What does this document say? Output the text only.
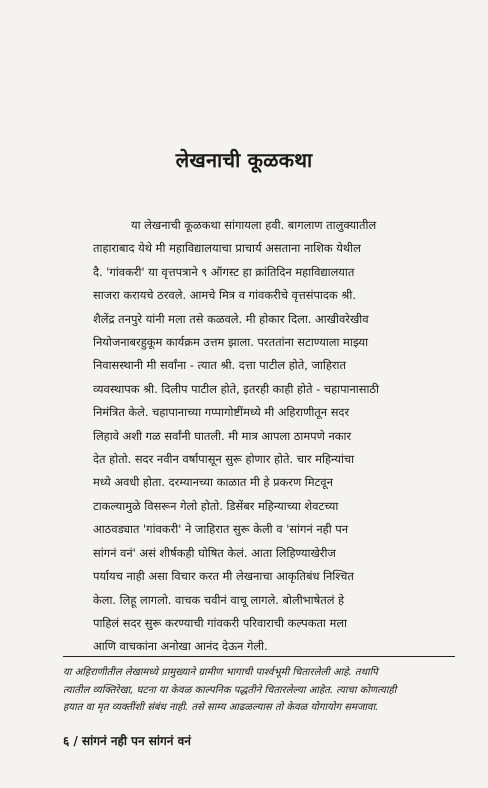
लेखनाची कूळकथा
या लेखनाची कूळकथा सांगायला हवी. बागलाण तालुक्यातील
ताहाराबाद येथे मी महाविद्यालयाचा प्राचार्य असताना नाशिक येथील
दै. 'गांवकरी' या वृत्तपत्राने ९ ऑगस्ट हा क्रांतिदिन महाविद्यालयात
साजरा करायचे ठरवले. आमचे मित्र व गांवकरीचे वृत्तसंपादक श्री.
शैलेंद्र तनपुरे यांनी मला तसे कळवले. मी होकार दिला. आखीवरेखीव
नियोजनाबरहुकूम कार्यक्रम उत्तम झाला. परततांना सटाण्याला माझ्या
निवासस्थानी मी सर्वांना - त्यात श्री. दत्ता पाटील होते, जाहिरात
व्यवस्थापक श्री. दिलीप पाटील होते, इतरही काही होते - चहापानासाठी
निमंत्रित केले. चहापानाच्या गप्पागोष्टींमध्ये मी अहिराणीतून सदर
लिहावे अशी गळ सर्वांनी घातली. मी मात्र आपला ठामपणे नकार
देत होतो. सदर नवीन वर्षापासून सुरू होणार होते. चार महिन्यांचा
मध्ये अवधी होता. दरम्यानच्या काळात मी हे प्रकरण मिटवून
टाकल्यामुळे विसरून गेलो होतो. डिसेंबर महिन्याच्या शेवटच्या
आठवड्यात 'गांवकरी' ने जाहिरात सुरू केली व 'सांगनं नही पन
सांगनं वनं' असं शीर्षकही घोषित केलं. आता लिहिण्याखेरीज
पर्यायच नाही असा विचार करत मी लेखनाचा आकृतिबंध निश्चित
केला. लिहू लागलो. वाचक चवीनं वाचू लागले. बोलीभाषेतलं हे
पाहिलं सदर सुरू करण्याची गांवकरी परिवाराची कल्पकता मला
आणि वाचकांना अनोखा आनंद देऊन गेली.
या अहिराणीतील लेखामध्ये प्रामुख्याने ग्रामीण भागाची पार्श्वभूमी चितारलेली आहे. तथापि
त्यातील व्यक्तिरेखा, घटना या केवळ काल्पनिक पद्धतीने चितारलेल्या आहेत. त्याचा कोणत्याही
हयात वा मृत व्यक्तींशी संबंध नाही. तसे साम्य आढळल्यास तो केवळ योगायोग समजावा.
६ / सांगनं नही पन सांगनं वनं
